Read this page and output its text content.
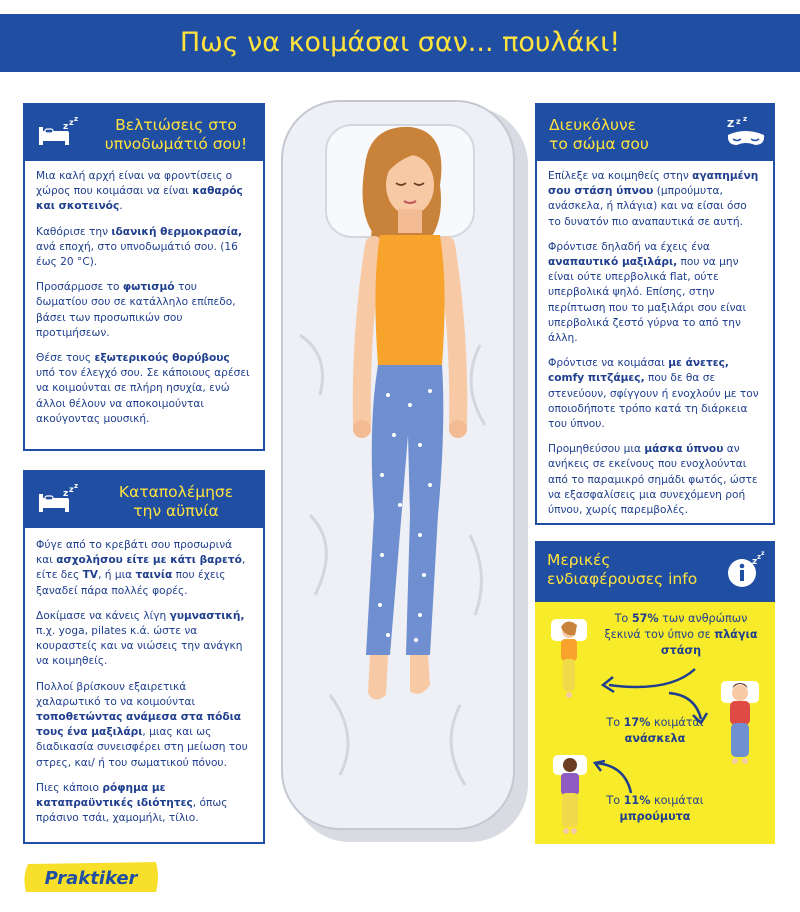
Πως να κοιμάσαι σαν... πουλάκι!
z z z	Βελτιώσεις στο
υπνοδωμάτιό σου!

Μια καλή αρχή είναι να φροντίσεις ο χώρος που κοιμάσαι να είναι καθαρός και σκοτεινός.

Καθόρισε την ιδανική θερμοκρασία, ανά εποχή, στο υπνοδωμάτιό σου. (16 έως 20 °C).

Προσάρμοσε το φωτισμό του δωματίου σου σε κατάλληλο επίπεδο, βάσει των προσωπικών σου προτιμήσεων.

Θέσε τους εξωτερικούς θορύβους υπό τον έλεγχό σου. Σε κάποιους αρέσει να κοιμούνται σε πλήρη ησυχία, ενώ άλλοι θέλουν να αποκοιμούνται ακούγοντας μουσική.

z z z	Καταπολέμησε
την αϋπνία

Φύγε από το κρεβάτι σου προσωρινά και ασχολήσου είτε με κάτι βαρετό, είτε δες TV, ή μια ταινία που έχεις ξαναδεί πάρα πολλές φορές.

Δοκίμασε να κάνεις λίγη γυμναστική, π.χ. yoga, pilates κ.ά. ώστε να κουραστείς και να νιώσεις την ανάγκη να κοιμηθείς.

Πολλοί βρίσκουν εξαιρετικά χαλαρωτικό το να κοιμούνται τοποθετώντας ανάμεσα στα πόδια τους ένα μαξιλάρι, μιας και ως διαδικασία συνεισφέρει στη μείωση του στρες, και/ ή του σωματικού πόνου.

Πιες κάποιο ρόφημα με καταπραϋντικές ιδιότητες, όπως πράσινο τσάι, χαμομήλι, τίλιο.

Διευκόλυνε
το σώμα σου
Z z z

Επίλεξε να κοιμηθείς στην αγαπημένη σου στάση ύπνου (μπρούμυτα, ανάσκελα, ή πλάγια) και να είσαι όσο το δυνατόν πιο αναπαυτικά σε αυτή.

Φρόντισε δηλαδή να έχεις ένα αναπαυτικό μαξιλάρι, που να μην είναι ούτε υπερβολικά flat, ούτε υπερβολικά ψηλό. Επίσης, στην περίπτωση που το μαξιλάρι σου είναι υπερβολικά ζεστό γύρνα το από την άλλη.

Φρόντισε να κοιμάσαι με άνετες, comfy πιτζάμες, που δε θα σε στενεύουν, σφίγγουν ή ενοχλούν με τον οποιοδήποτε τρόπο κατά τη διάρκεια του ύπνου.

Προμηθεύσου μια μάσκα ύπνου αν ανήκεις σε εκείνους που ενοχλούνται από το παραμικρό σημάδι φωτός, ώστε να εξασφαλίσεις μια συνεχόμενη ροή ύπνου, χωρίς παρεμβολές.

Μερικές
ενδιαφέρουσες info
z z z
Το 57% των ανθρώπων ξεκινά τον ύπνο σε πλάγια στάση
Το 17% κοιμάται
ανάσκελα
Το 11% κοιμάται
μπρούμυτα
Praktiker
